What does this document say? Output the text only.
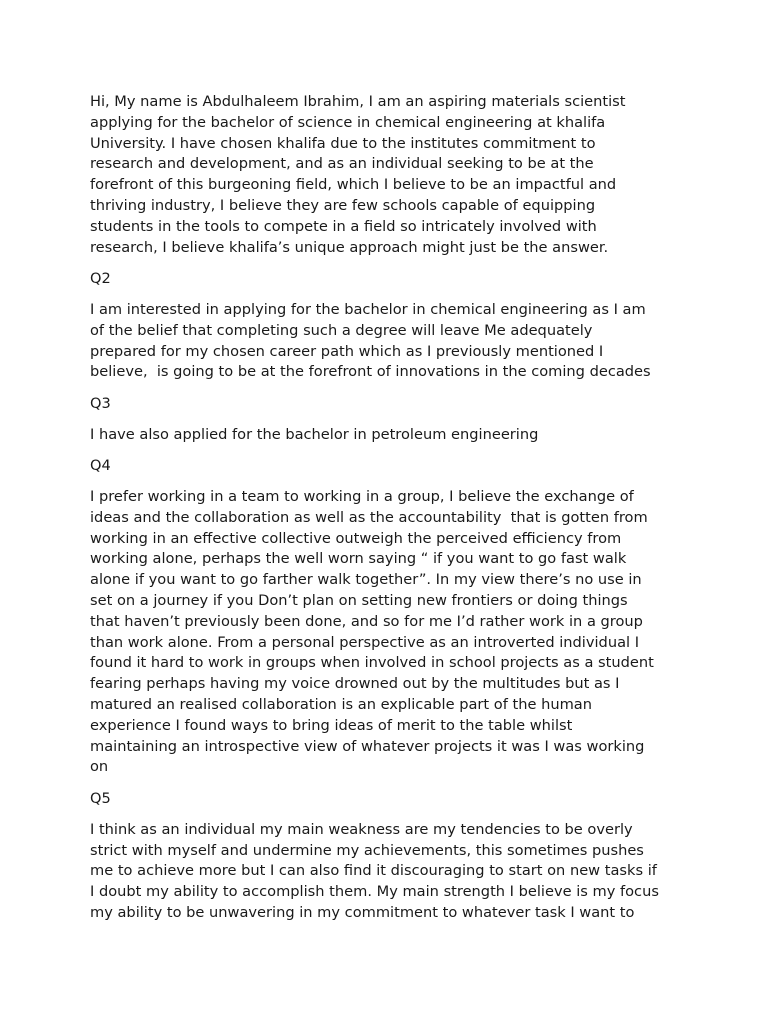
Hi, My name is Abdulhaleem Ibrahim, I am an aspiring materials scientist
applying for the bachelor of science in chemical engineering at khalifa
University. I have chosen khalifa due to the institutes commitment to
research and development, and as an individual seeking to be at the
forefront of this burgeoning field, which I believe to be an impactful and
thriving industry, I believe they are few schools capable of equipping
students in the tools to compete in a field so intricately involved with
research, I believe khalifa’s unique approach might just be the answer.

Q2

I am interested in applying for the bachelor in chemical engineering as I am
of the belief that completing such a degree will leave Me adequately
prepared for my chosen career path which as I previously mentioned I
believe,  is going to be at the forefront of innovations in the coming decades

Q3

I have also applied for the bachelor in petroleum engineering

Q4

I prefer working in a team to working in a group, I believe the exchange of
ideas and the collaboration as well as the accountability  that is gotten from
working in an effective collective outweigh the perceived efficiency from
working alone, perhaps the well worn saying “ if you want to go fast walk
alone if you want to go farther walk together”. In my view there’s no use in
set on a journey if you Don’t plan on setting new frontiers or doing things
that haven’t previously been done, and so for me I’d rather work in a group
than work alone. From a personal perspective as an introverted individual I
found it hard to work in groups when involved in school projects as a student
fearing perhaps having my voice drowned out by the multitudes but as I
matured an realised collaboration is an explicable part of the human
experience I found ways to bring ideas of merit to the table whilst
maintaining an introspective view of whatever projects it was I was working
on

Q5

I think as an individual my main weakness are my tendencies to be overly
strict with myself and undermine my achievements, this sometimes pushes
me to achieve more but I can also find it discouraging to start on new tasks if
I doubt my ability to accomplish them. My main strength I believe is my focus
my ability to be unwavering in my commitment to whatever task I want to
